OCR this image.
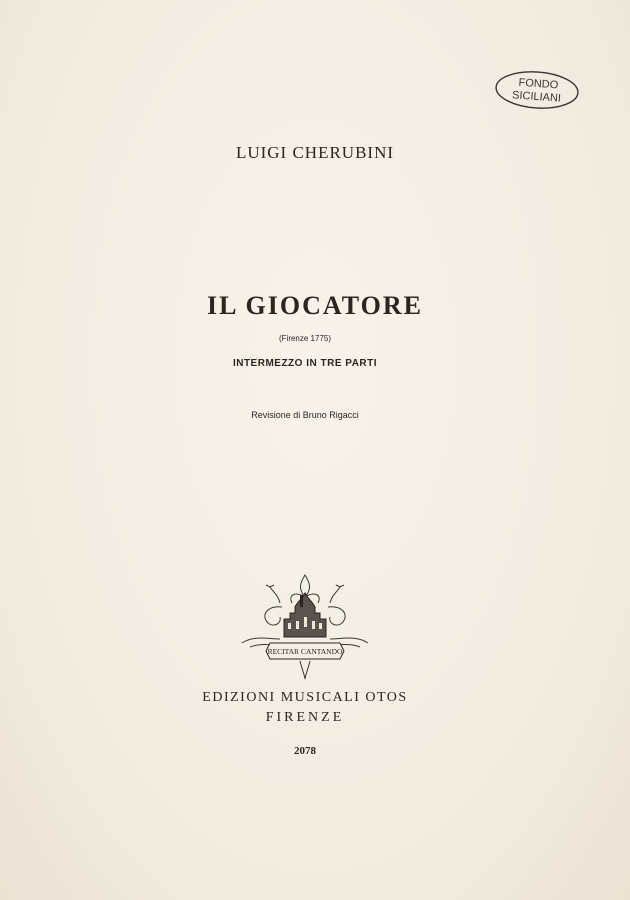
FONDO
SICILIANI
LUIGI CHERUBINI
IL GIOCATORE
(Firenze 1775)
INTERMEZZO IN TRE PARTI
Revisione di Bruno Rigacci
RECITAR CANTANDO
EDIZIONI MUSICALI OTOS
FIRENZE
2078
